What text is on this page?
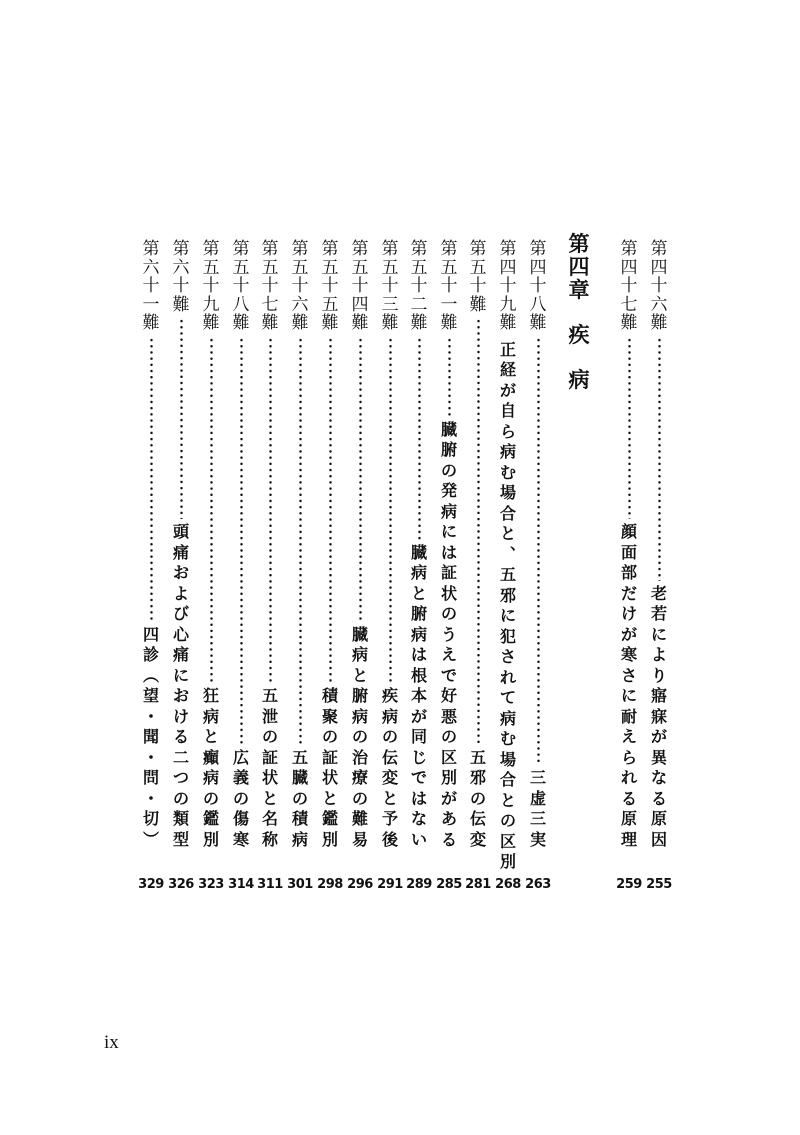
第
四
章
疾
病
第
四
十
六
難
老
若
に
よ
り
寤
寐
が
異
な
る
原
因
255
第
四
十
七
難
顔
面
部
だ
け
が
寒
さ
に
耐
え
ら
れ
る
原
理
259
第
四
十
八
難
三
虚
三
実
263
第
四
十
九
難
正
経
が
自
ら
病
む
場
合
と
︑
五
邪
に
犯
さ
れ
て
病
む
場
合
と
の
区
別
268
第
五
十
難
五
邪
の
伝
変
281
第
五
十
一
難
臓
腑
の
発
病
に
は
証
状
の
う
え
で
好
悪
の
区
別
が
あ
る
285
第
五
十
二
難
臓
病
と
腑
病
は
根
本
が
同
じ
で
は
な
い
289
第
五
十
三
難
疾
病
の
伝
変
と
予
後
291
第
五
十
四
難
臓
病
と
腑
病
の
治
療
の
難
易
296
第
五
十
五
難
積
聚
の
証
状
と
鑑
別
298
第
五
十
六
難
五
臓
の
積
病
301
第
五
十
七
難
五
泄
の
証
状
と
名
称
311
第
五
十
八
難
広
義
の
傷
寒
314
第
五
十
九
難
狂
病
と
癲
病
の
鑑
別
323
第
六
十
難
頭
痛
お
よ
び
心
痛
に
お
け
る
二
つ
の
類
型
326
第
六
十
一
難
四
診
︵
望
・
聞
・
問
・
切
︶
329
ix
